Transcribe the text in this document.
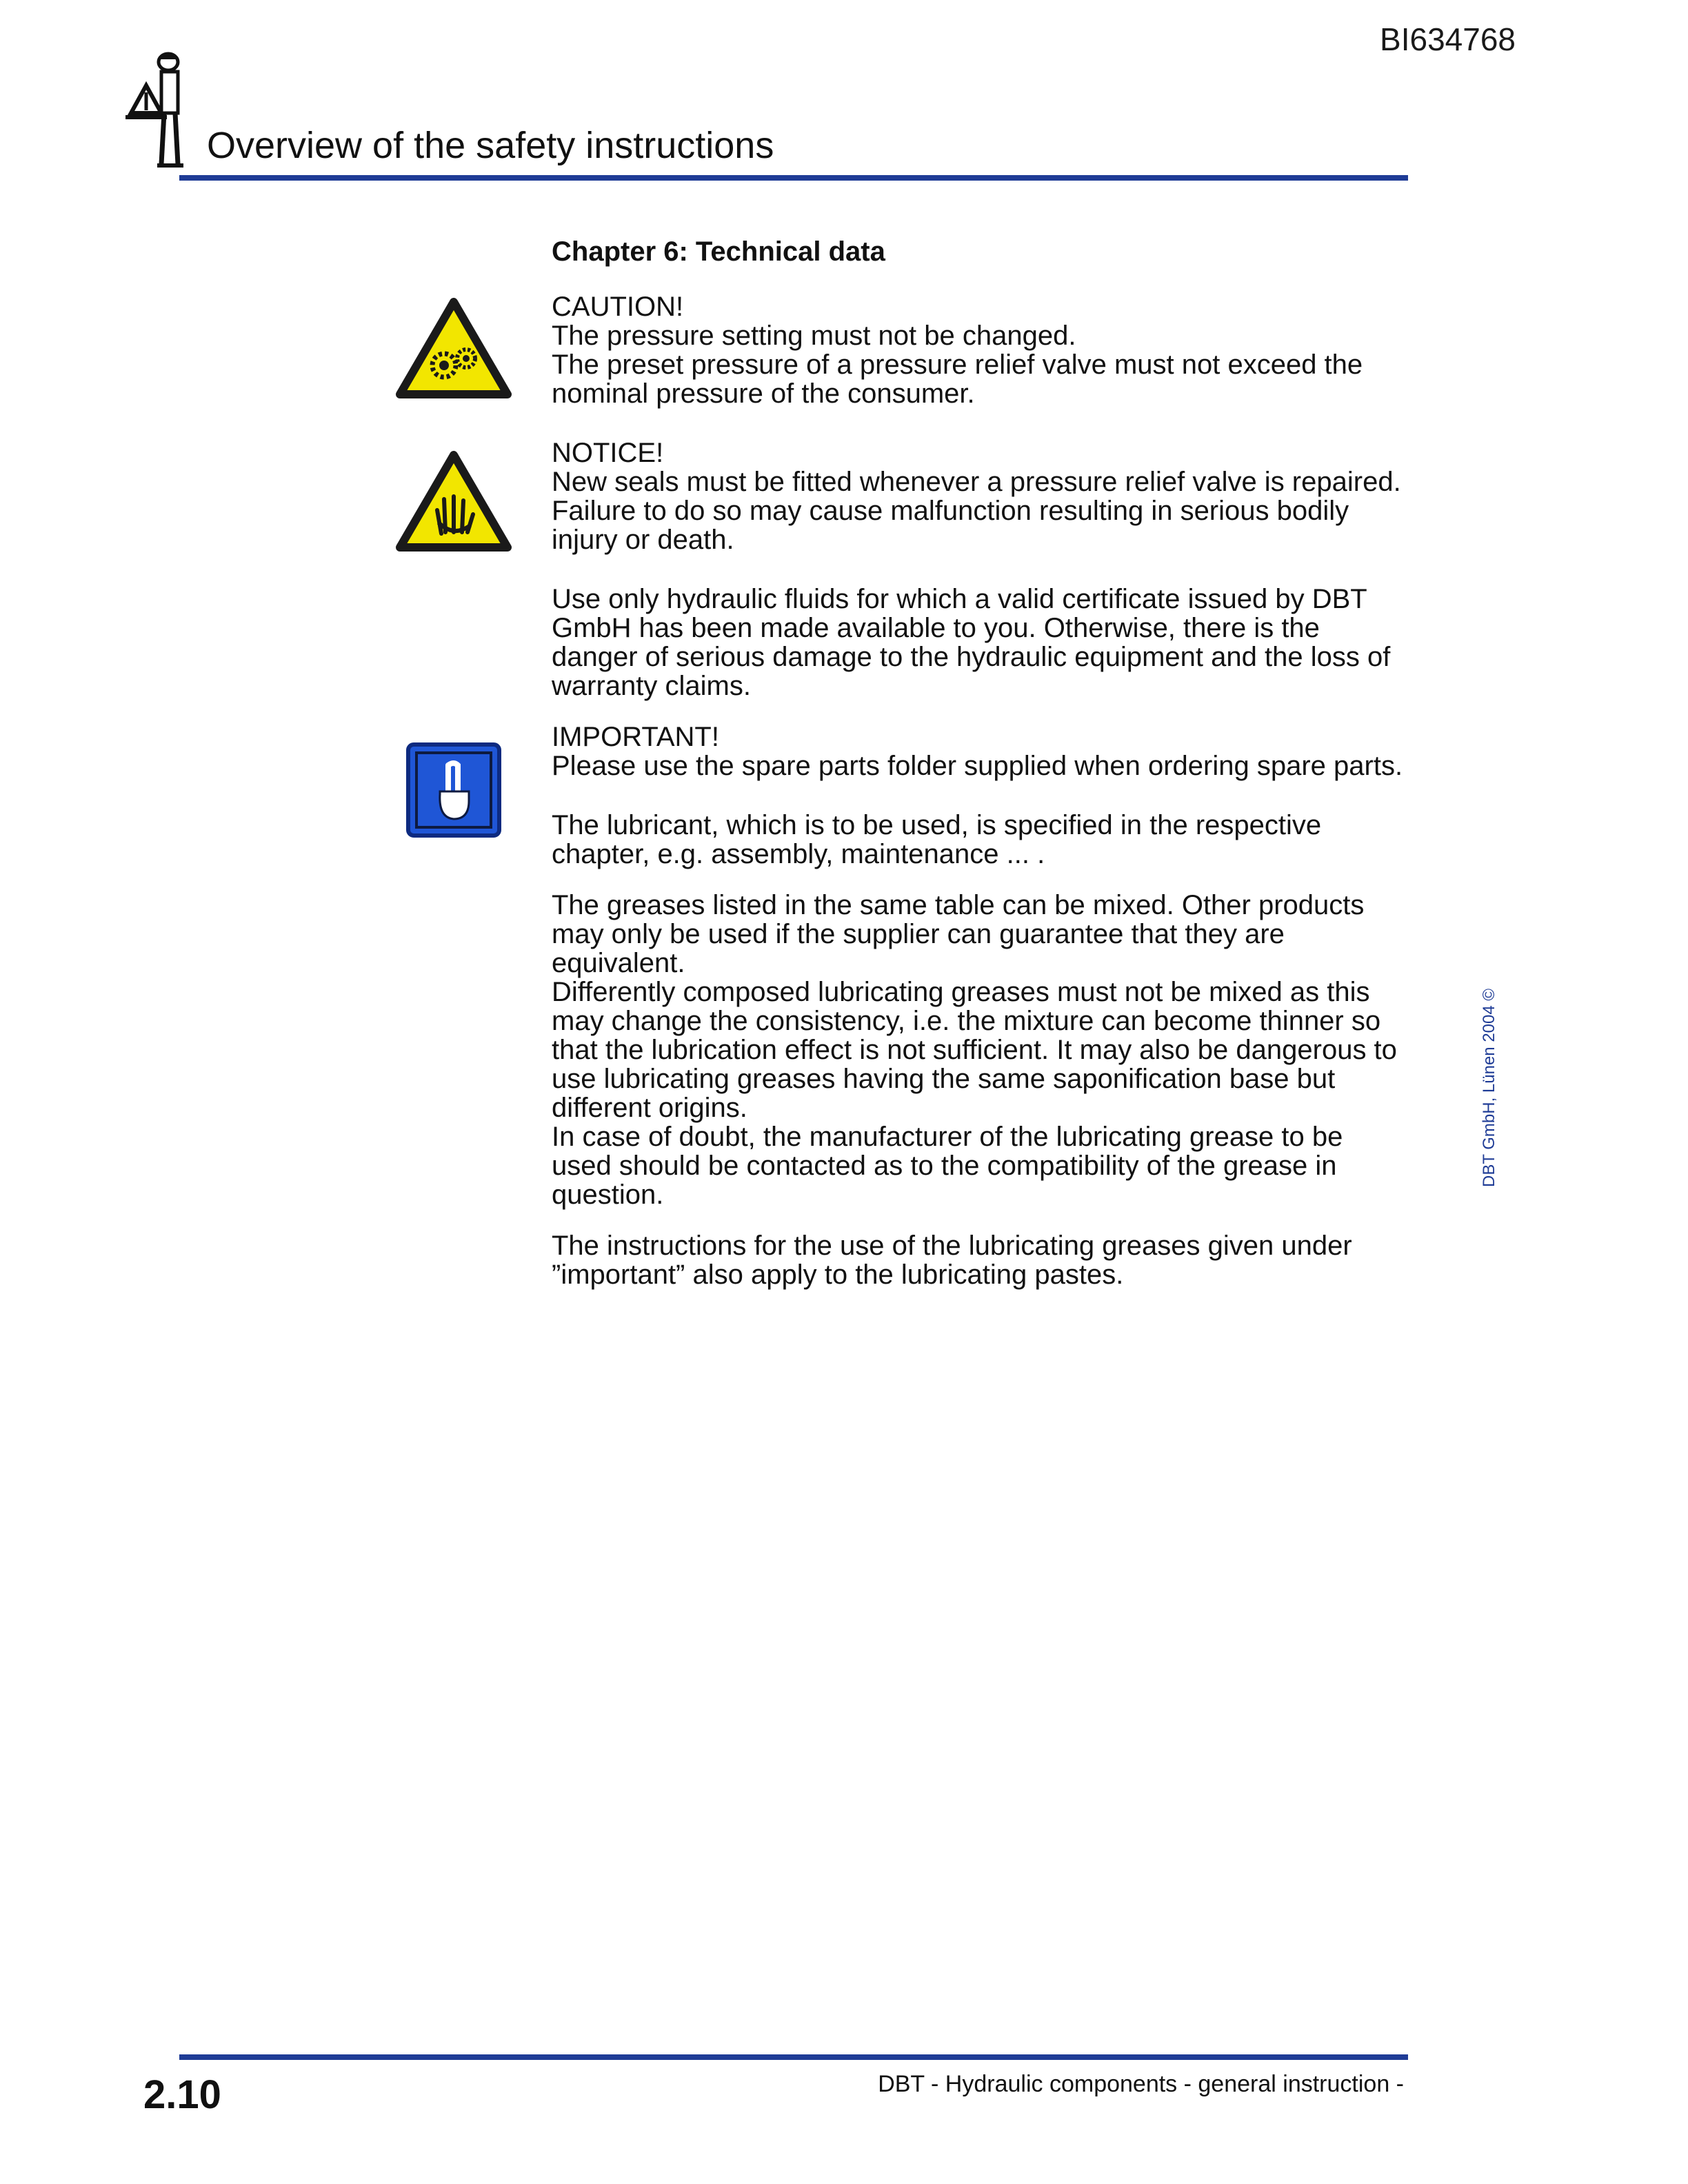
BI634768
Overview of the safety instructions

Chapter 6: Technical data

CAUTION!

The pressure setting must not be changed.

The preset pressure of a pressure relief valve must not exceed the nominal pressure of the consumer.

NOTICE!

New seals must be fitted whenever a pressure relief valve is repaired. Failure to do so may cause malfunction resulting in serious bodily injury or death.

Use only hydraulic fluids for which a valid certificate issued by DBT GmbH has been made available to you. Otherwise, there is the danger of serious damage to the hydraulic equipment and the loss of warranty claims.

IMPORTANT!

Please use the spare parts folder supplied when ordering spare parts.

The lubricant, which is to be used, is specified in the respective chapter, e.g. assembly, maintenance ... .

The greases listed in the same table can be mixed. Other products may only be used if the supplier can guarantee that they are equivalent.

Differently composed lubricating greases must not be mixed as this may change the consistency, i.e. the mixture can become thinner so that the lubrication effect is not sufficient. It may also be dangerous to use lubricating greases having the same saponification base but different origins.

In case of doubt, the manufacturer of the lubricating grease to be used should be contacted as to the compatibility of the grease in question.

The instructions for the use of the lubricating greases given under ”important” also apply to the lubricating pastes.

DBT GmbH, Lünen 2004 ©
2.10	DBT - Hydraulic components - general instruction -
